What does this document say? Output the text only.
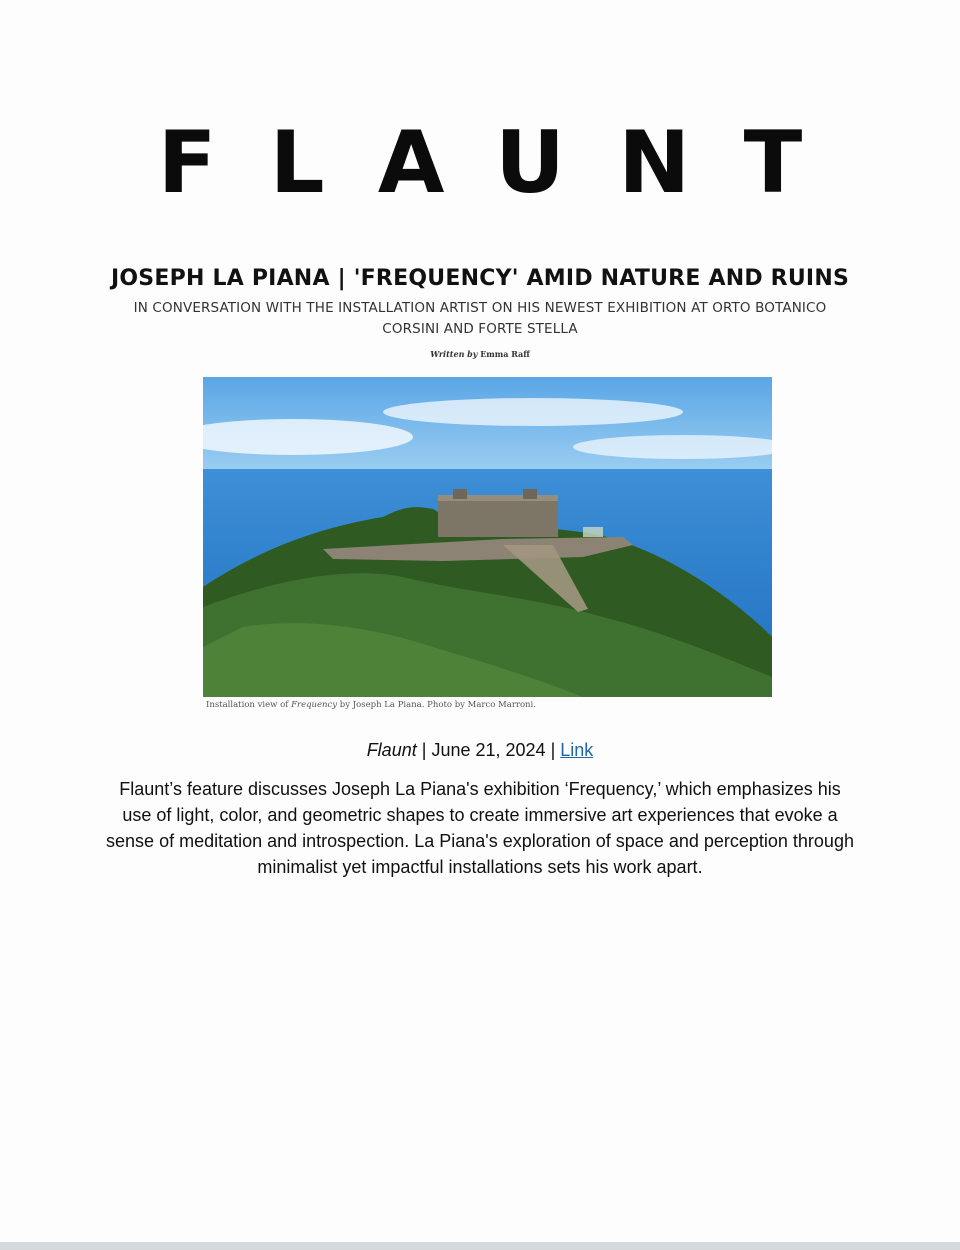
FLAUNT
JOSEPH LA PIANA | 'FREQUENCY' AMID NATURE AND RUINS
IN CONVERSATION WITH THE INSTALLATION ARTIST ON HIS NEWEST EXHIBITION AT ORTO BOTANICO CORSINI AND FORTE STELLA
Written by Emma Raff
Installation view of Frequency by Joseph La Piana. Photo by Marco Marroni.
Flaunt | June 21, 2024 | Link
Flaunt’s feature discusses Joseph La Piana's exhibition ‘Frequency,’ which emphasizes his use of light, color, and geometric shapes to create immersive art experiences that evoke a sense of meditation and introspection. La Piana's exploration of space and perception through minimalist yet impactful installations sets his work apart.
